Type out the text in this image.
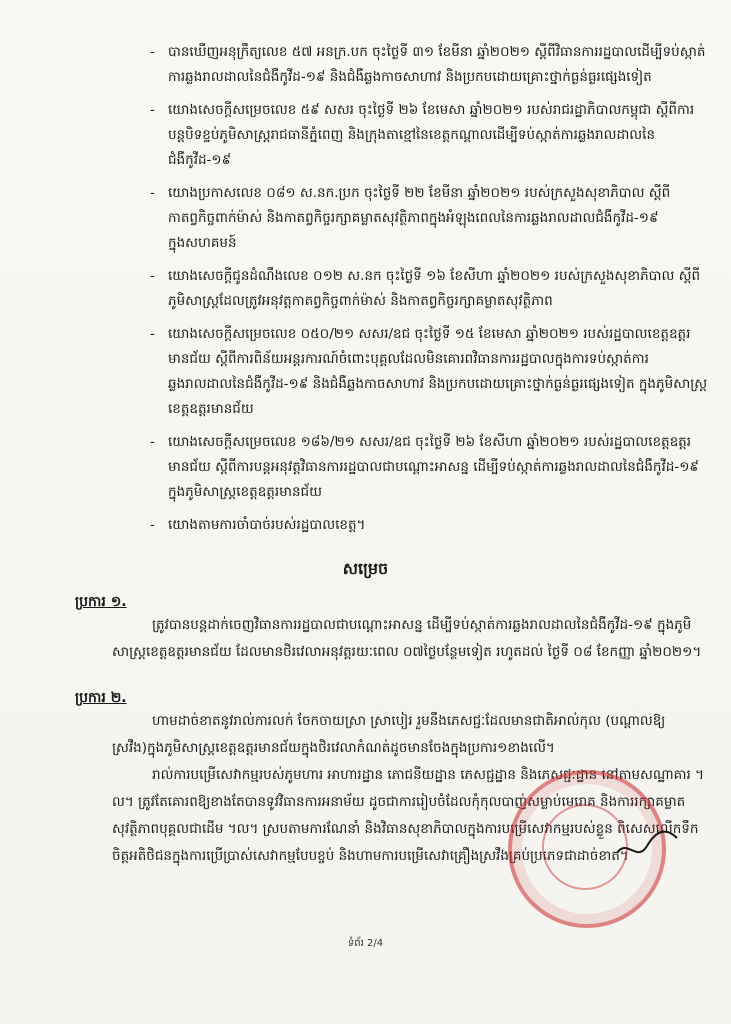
- បានឃើញអនុក្រឹត្យលេខ ៥៧ អនក្រ.បក ចុះថ្ងៃទី ៣១ ខែមីនា ឆ្នាំ២០២១ ស្តីពីវិធានការរដ្ឋបាលដើម្បីទប់ស្កាត់ការឆ្លងរាលដាលនៃជំងឺកូវីដ-១៩ និងជំងឺឆ្លងកាចសាហាវ និងប្រកបដោយគ្រោះថ្នាក់ធ្ងន់ធ្ងរផ្សេងទៀត
- យោងសេចក្តីសម្រេចលេខ ៥៩ សសរ ចុះថ្ងៃទី ២៦ ខែមេសា ឆ្នាំ២០២១ របស់រាជរដ្ឋាភិបាលកម្ពុជា ស្តីពីការបន្តបិទខ្ទប់ភូមិសាស្រ្តរាជធានីភ្នំពេញ និងក្រុងតាខ្មៅនៃខេត្តកណ្តាលដើម្បីទប់ស្កាត់ការឆ្លងរាលដាលនៃជំងឺកូវីដ-១៩
- យោងប្រកាសលេខ ០៨១ ស.នក.ប្រក ចុះថ្ងៃទី ២២ ខែមីនា ឆ្នាំ២០២១ របស់ក្រសួងសុខាភិបាល ស្តីពីកាតព្វកិច្ចពាក់ម៉ាស់ និងកាតព្វកិច្ចរក្សាគម្លាតសុវត្ថិភាពក្នុងអំឡុងពេលនៃការឆ្លងរាលដាលជំងឺកូវីដ-១៩ ក្នុងសហគមន៍
- យោងសេចក្តីជូនដំណឹងលេខ ០១២ ស.នក ចុះថ្ងៃទី ១៦ ខែសីហា ឆ្នាំ២០២១ របស់ក្រសួងសុខាភិបាល ស្តីពីភូមិសាស្រ្តដែលត្រូវអនុវត្តកាតព្វកិច្ចពាក់ម៉ាស់ និងកាតព្វកិច្ចរក្សាគម្លាតសុវត្ថិភាព
- យោងសេចក្តីសម្រេចលេខ ០៥០/២១ សសរ/ឧជ ចុះថ្ងៃទី ១៥ ខែមេសា ឆ្នាំ២០២១ របស់រដ្ឋបាលខេត្តឧត្តរមានជ័យ ស្តីពីការពិន័យអន្តរការណ៍ចំពោះបុគ្គលដែលមិនគោរពវិធានការរដ្ឋបាលក្នុងការទប់ស្កាត់ការឆ្លងរាលដាលនៃជំងឺកូវីដ-១៩ និងជំងឺឆ្លងកាចសាហាវ និងប្រកបដោយគ្រោះថ្នាក់ធ្ងន់ធ្ងរផ្សេងទៀត ក្នុងភូមិសាស្រ្តខេត្តឧត្តរមានជ័យ
- យោងសេចក្តីសម្រេចលេខ ១៨៦/២១ សសរ/ឧជ ចុះថ្ងៃទី ២៦ ខែសីហា ឆ្នាំ២០២១ របស់រដ្ឋបាលខេត្តឧត្តរមានជ័យ ស្តីពីការបន្តអនុវត្តវិធានការរដ្ឋបាលជាបណ្តោះអាសន្ន ដើម្បីទប់ស្កាត់ការឆ្លងរាលដាលនៃជំងឺកូវីដ-១៩ ក្នុងភូមិសាស្រ្តខេត្តឧត្តរមានជ័យ
- យោងតាមការចាំបាច់របស់រដ្ឋបាលខេត្ត។
សម្រេច
ប្រការ ១.
ត្រូវបានបន្តដាក់ចេញវិធានការរដ្ឋបាលជាបណ្តោះអាសន្ន ដើម្បីទប់ស្កាត់ការឆ្លងរាលដាលនៃជំងឺកូវីដ-១៩ ក្នុងភូមិសាស្រ្តខេត្តឧត្តរមានជ័យ ដែលមានថិរវេលាអនុវត្តរយៈពេល ០៧ថ្ងៃបន្ថែមទៀត រហូតដល់ ថ្ងៃទី ០៨ ខែកញ្ញា ឆ្នាំ២០២១។
ប្រការ ២.
ហាមដាច់ខាតនូវរាល់ការលក់ ចែកចាយស្រា ស្រាបៀរ រួមនឹងភេសជ្ជៈដែលមានជាតិអាល់កុល (បណ្តាលឱ្យស្រវឹង)ក្នុងភូមិសាស្រ្តខេត្តឧត្តរមានជ័យក្នុងថិរវេលាកំណត់ដូចមានចែងក្នុងប្រការ១ខាងលើ។
រាល់ការបម្រើសេវាកម្មរបស់ភូមហារ អាហារដ្ឋាន ភោជនីយដ្ឋាន ភេសជ្ជដ្ឋាន និងភេសជ្ជៈដ្ឋាន នៅតាមសណ្ឋាគារ ។ល។ ត្រូវតែគោរពឱ្យខាងតែបានទូវវិធានការអនាម័យ ដូចជាការរៀបចំដែលកុំកុលបាញ់សម្លាប់មេរោគ និងការរក្សាគម្លាតសុវត្ថិភាពបុគ្គលជាដើម ។ល។ ស្របតាមការណែនាំ និងវិធានសុខាភិបាលក្នុងការបម្រើសេវាកម្មរបស់ខ្លួន ពិសេសលើកទឹកចិត្តអតិថិជនក្នុងការប្រើប្រាស់សេវាកម្មបែបខ្ចប់ និងហាមការបម្រើសេវាគ្រឿងស្រវឹងគ្រប់ប្រភេទជាដាច់ខាត។
ទំព័រ 2/4
